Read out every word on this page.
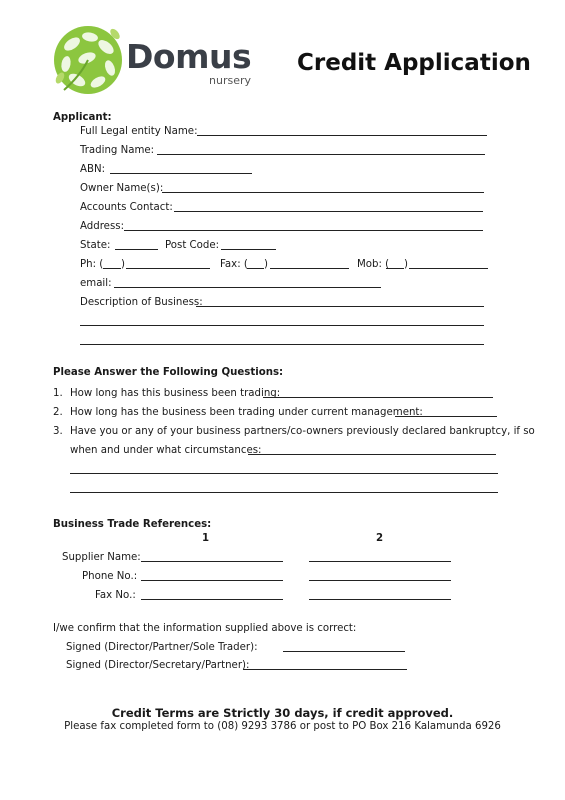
Domus
nursery
Credit Application
Applicant:
Full Legal entity Name:
Trading Name:
ABN:
Owner Name(s):
Accounts Contact:
Address:
State:	Post Code:
Ph: ( )	Fax: ( )	Mob: ( )
email:
Description of Business:
Please Answer the Following Questions:
1. How long has this business been trading:
2. How long has the business been trading under current management:
3. Have you or any of your business partners/co-owners previously declared bankruptcy, if so
when and under what circumstances:
Business Trade References:
1	2
Supplier Name:
Phone No.:
Fax No.:
I/we confirm that the information supplied above is correct:
Signed (Director/Partner/Sole Trader):
Signed (Director/Secretary/Partner):
Credit Terms are Strictly 30 days, if credit approved.
Please fax completed form to (08) 9293 3786 or post to PO Box 216 Kalamunda 6926
